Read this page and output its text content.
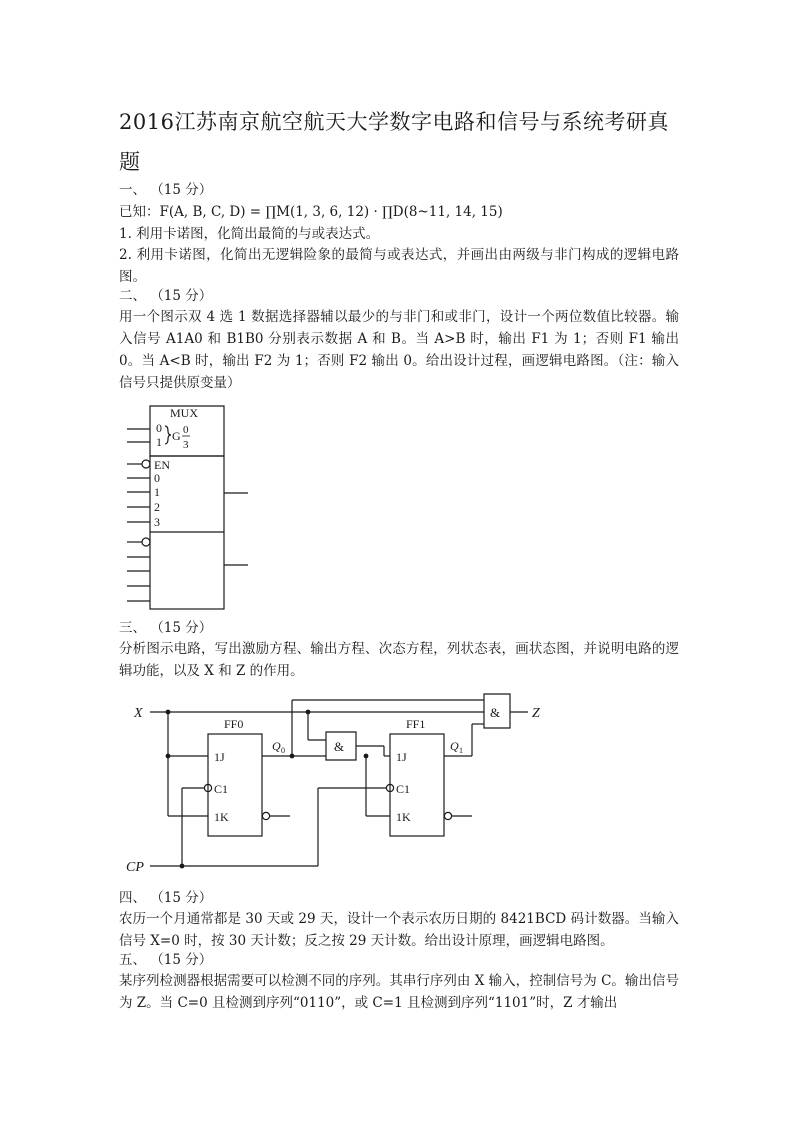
2016江苏南京航空航天大学数字电路和信号与系统考研真
题
一、 （15 分）
已知：F(A, B, C, D) = ∏M(1, 3, 6, 12) · ∏D(8~11, 14, 15)
1. 利用卡诺图，化简出最简的与或表达式。
2. 利用卡诺图，化简出无逻辑险象的最简与或表达式，并画出由两级与非门构成的逻辑电路图。
二、 （15 分）
用一个图示双 4 选 1 数据选择器辅以最少的与非门和或非门，设计一个两位数值比较器。输入信号 A1A0 和 B1B0 分别表示数据 A 和 B。当 A>B 时，输出 F1 为 1；否则 F1 输出 0。当 A<B 时，输出 F2 为 1；否则 F2 输出 0。给出设计过程，画逻辑电路图。（注：输入信号只提供原变量）
MUX
0
1 G 0
3
EN
0
1
2
3
三、 （15 分）
分析图示电路，写出激励方程、输出方程、次态方程，列状态表，画状态图，并说明电路的逻辑功能，以及 X 和 Z 的作用。
X	Z
CP
FF0	FF1
1J
C1
1K
1J
C1
1K
Q 0	Q 1
&
&
四、 （15 分）
农历一个月通常都是 30 天或 29 天，设计一个表示农历日期的 8421BCD 码计数器。当输入信号 X=0 时，按 30 天计数；反之按 29 天计数。给出设计原理，画逻辑电路图。
五、 （15 分）
某序列检测器根据需要可以检测不同的序列。其串行序列由 X 输入，控制信号为 C。输出信号为 Z。当 C=0 且检测到序列“0110”，或 C=1 且检测到序列“1101”时，Z 才输出
